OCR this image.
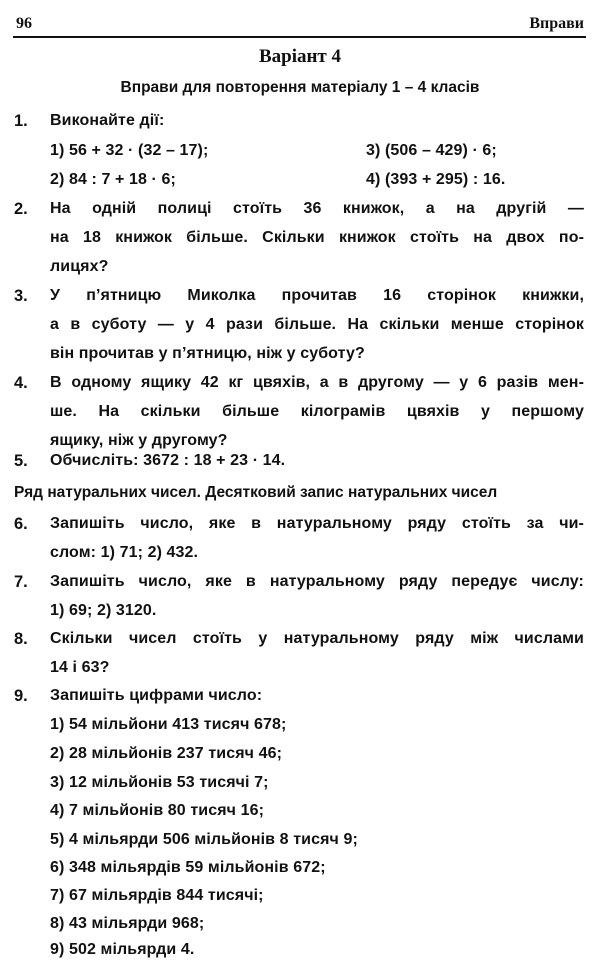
96	Вправи
Варіант 4
Вправи для повторення матеріалу 1 – 4 класів
1. Виконайте дії:
1) 56 + 32 · (32 – 17);	3) (506 – 429) · 6;
2) 84 : 7 + 18 · 6;	4) (393 + 295) : 16.
2. На одній полиці стоїть 36 книжок, а на другій —
на 18 книжок більше. Скільки книжок стоїть на двох по-
лицях?
3. У п’ятницю Миколка прочитав 16 сторінок книжки,
а в суботу — у 4 рази більше. На скільки менше сторінок
він прочитав у п’ятницю, ніж у суботу?
4. В одному ящику 42 кг цвяхів, а в другому — у 6 разів мен-
ше. На скільки більше кілограмів цвяхів у першому
ящику, ніж у другому?
5. Обчисліть: 3672 : 18 + 23 · 14.
Ряд натуральних чисел. Десятковий запис натуральних чисел
6. Запишіть число, яке в натуральному ряду стоїть за чи-
слом: 1) 71; 2) 432.
7. Запишіть число, яке в натуральному ряду передує числу:
1) 69; 2) 3120.
8. Скільки чисел стоїть у натуральному ряду між числами
14 і 63?
9. Запишіть цифрами число:
1) 54 мільйони 413 тисяч 678;
2) 28 мільйонів 237 тисяч 46;
3) 12 мільйонів 53 тисячі 7;
4) 7 мільйонів 80 тисяч 16;
5) 4 мільярди 506 мільйонів 8 тисяч 9;
6) 348 мільярдів 59 мільйонів 672;
7) 67 мільярдів 844 тисячі;
8) 43 мільярди 968;
9) 502 мільярди 4.
